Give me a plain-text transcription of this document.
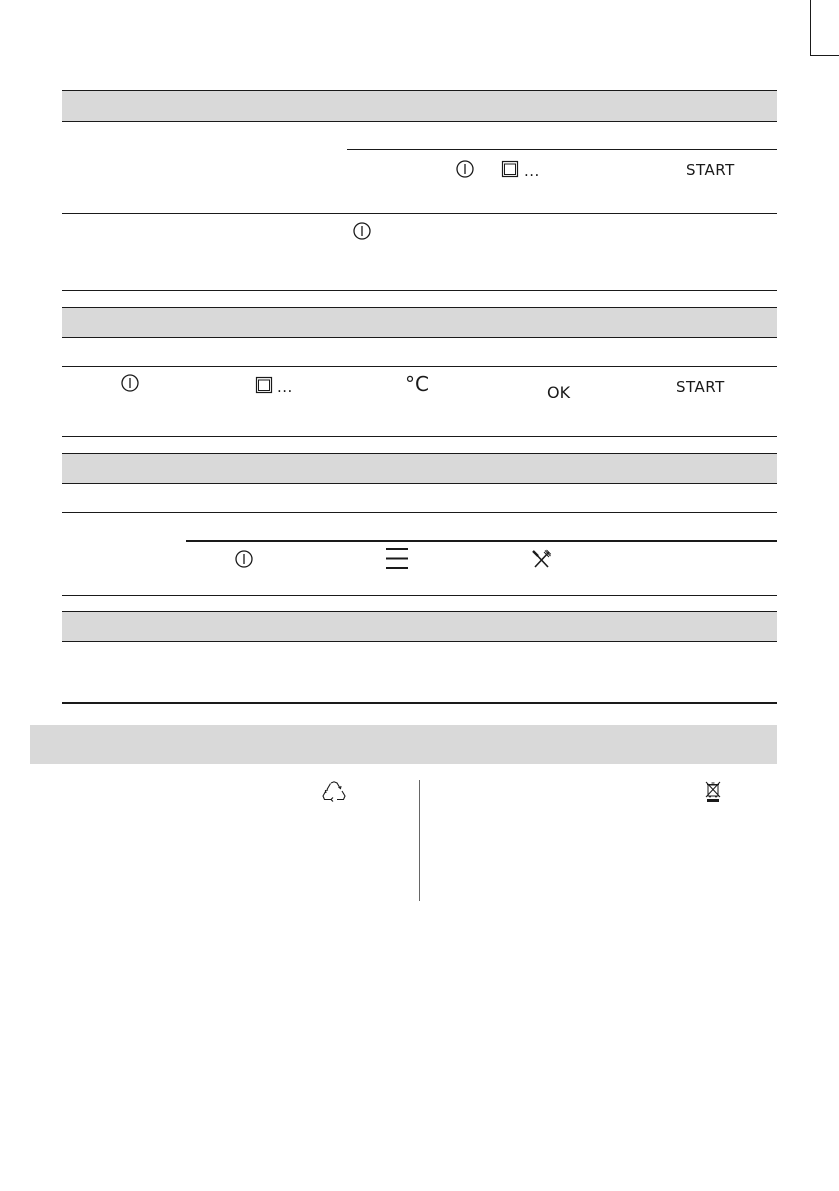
...	START
...	°C	OK	START
